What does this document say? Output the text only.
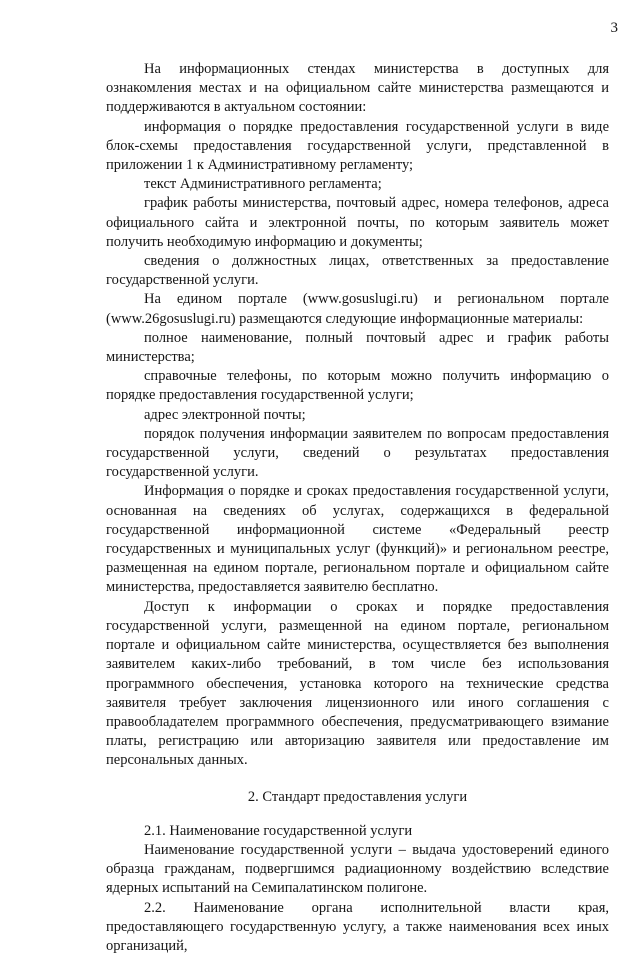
3

На информационных стендах министерства в доступных для ознакомления местах и на официальном сайте министерства размещаются и поддерживаются в актуальном состоянии:

информация о порядке предоставления государственной услуги в виде блок-схемы предоставления государственной услуги, представленной в приложении 1 к Административному регламенту;

текст Административного регламента;

график работы министерства, почтовый адрес, номера телефонов, адреса официального сайта и электронной почты, по которым заявитель может получить необходимую информацию и документы;

сведения о должностных лицах, ответственных за предоставление государственной услуги.

На едином портале (www.gosuslugi.ru) и региональном портале (www.26gosuslugi.ru) размещаются следующие информационные материалы:

полное наименование, полный почтовый адрес и график работы министерства;

справочные телефоны, по которым можно получить информацию о порядке предоставления государственной услуги;

адрес электронной почты;

порядок получения информации заявителем по вопросам предоставления государственной услуги, сведений о результатах предоставления государственной услуги.

Информация о порядке и сроках предоставления государственной услуги, основанная на сведениях об услугах, содержащихся в федеральной государственной информационной системе «Федеральный реестр государственных и муниципальных услуг (функций)» и региональном реестре, размещенная на едином портале, региональном портале и официальном сайте министерства, предоставляется заявителю бесплатно.

Доступ к информации о сроках и порядке предоставления государственной услуги, размещенной на едином портале, региональном портале и официальном сайте министерства, осуществляется без выполнения заявителем каких-либо требований, в том числе без использования программного обеспечения, установка которого на технические средства заявителя требует заключения лицензионного или иного соглашения с правообладателем программного обеспечения, предусматривающего взимание платы, регистрацию или авторизацию заявителя или предоставление им персональных данных.

2. Стандарт предоставления услуги

2.1. Наименование государственной услуги

Наименование государственной услуги – выдача удостоверений единого образца гражданам, подвергшимся радиационному воздействию вследствие ядерных испытаний на Семипалатинском полигоне.

2.2. Наименование органа исполнительной власти края, предоставляющего государственную услугу, а также наименования всех иных организаций,
